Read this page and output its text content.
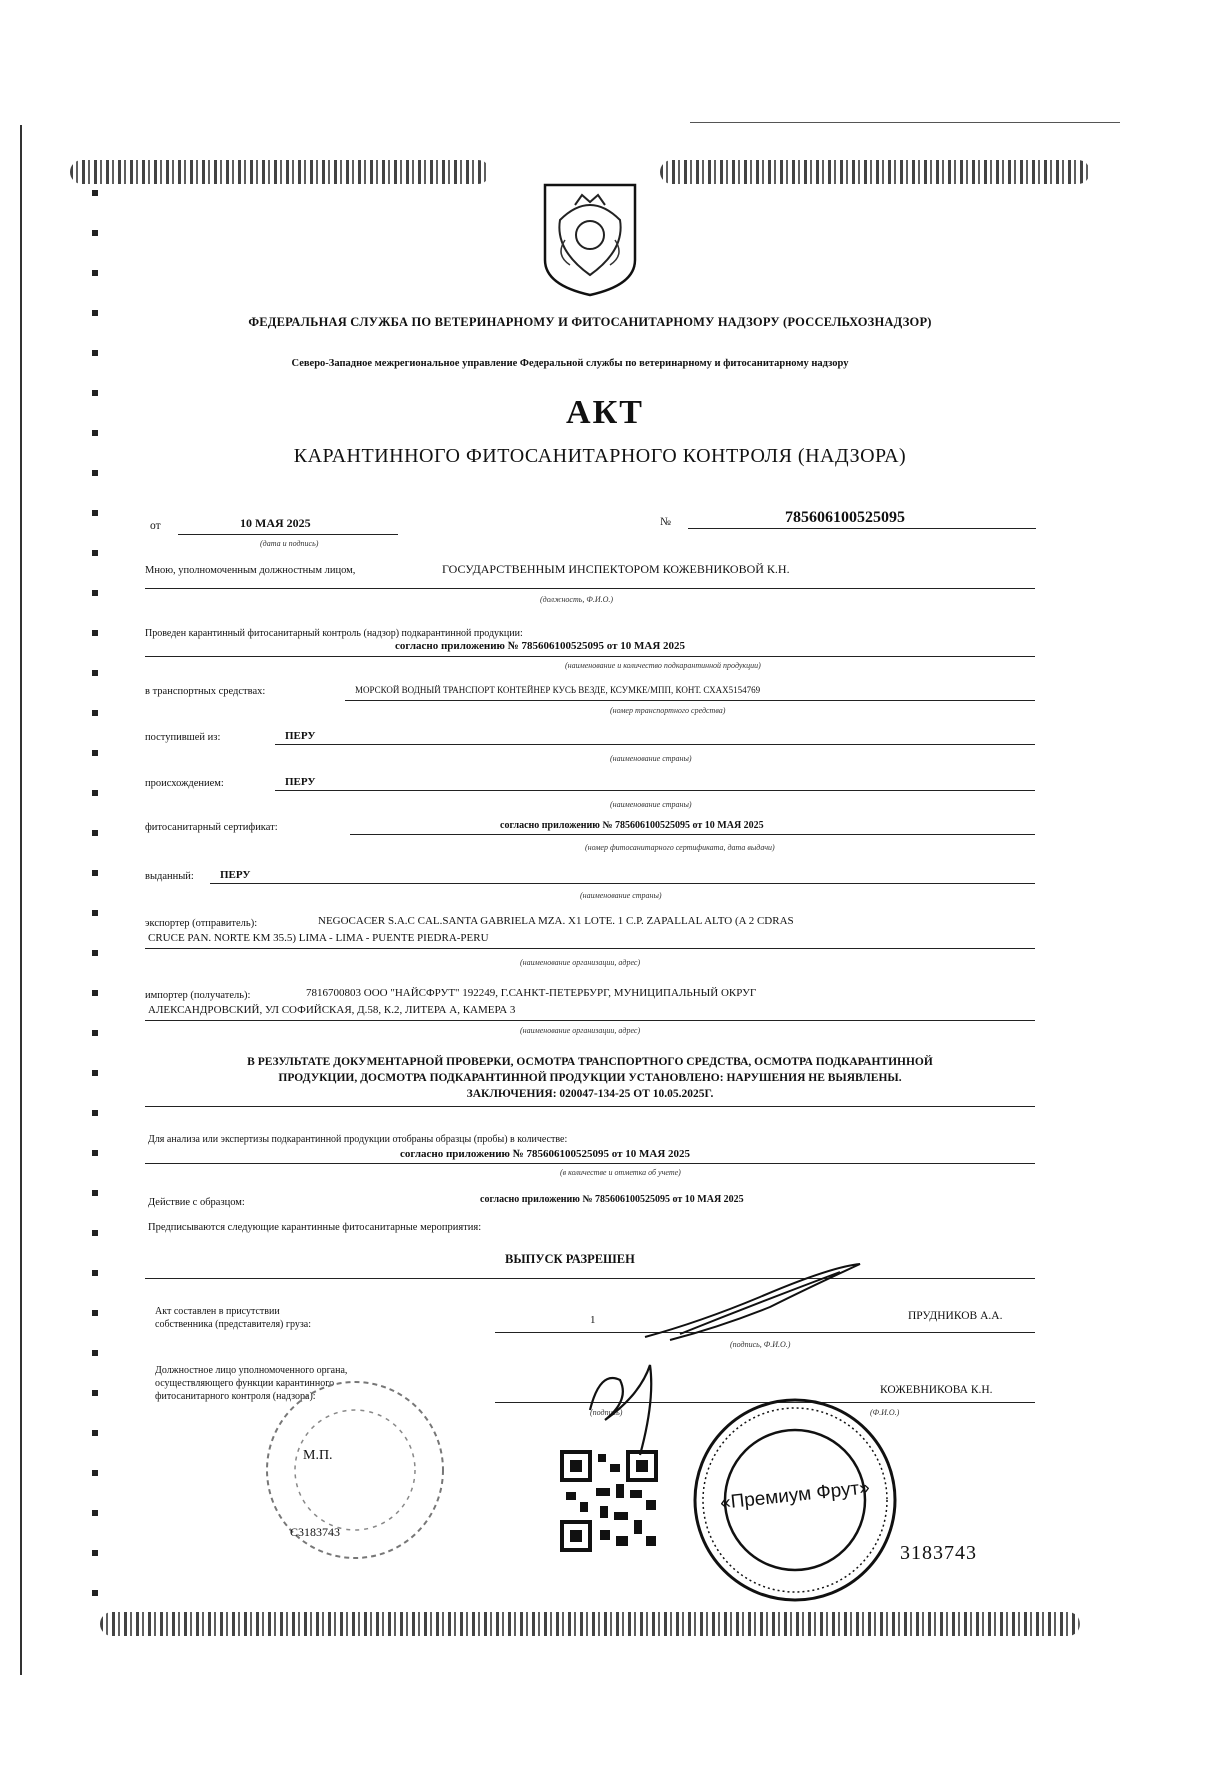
ФЕДЕРАЛЬНАЯ СЛУЖБА ПО ВЕТЕРИНАРНОМУ И ФИТОСАНИТАРНОМУ НАДЗОРУ (РОССЕЛЬХОЗНАДЗОР)
Северо-Западное межрегиональное управление Федеральной службы по ветеринарному и фитосанитарному надзору
АКТ
КАРАНТИННОГО ФИТОСАНИТАРНОГО КОНТРОЛЯ (НАДЗОРА)
от	10 МАЯ 2025
(дата и подпись)
№	785606100525095
Мною, уполномоченным должностным лицом,	ГОСУДАРСТВЕННЫМ ИНСПЕКТОРОМ КОЖЕВНИКОВОЙ К.Н.
(должность, Ф.И.О.)
Проведен карантинный фитосанитарный контроль (надзор) подкарантинной продукции:
согласно приложению № 785606100525095 от 10 МАЯ 2025
(наименование и количество подкарантинной продукции)
в транспортных средствах:	МОРСКОЙ ВОДНЫЙ ТРАНСПОРТ КОНТЕЙНЕР КУСЬ ВЕЗДЕ, КСУМКЕ/МПП, КОНТ. СХАХ5154769
(номер транспортного средства)
поступившей из:	ПЕРУ
(наименование страны)
происхождением:	ПЕРУ
(наименование страны)
фитосанитарный сертификат:	согласно приложению № 785606100525095 от 10 МАЯ 2025
(номер фитосанитарного сертификата, дата выдачи)
выданный: ПЕРУ
(наименование страны)
экспортер (отправитель):	NEGOCACER S.A.C CAL.SANTA GABRIELA MZA. X1 LOTE. 1 C.P. ZAPALLAL ALTO (A 2 CDRAS
CRUCE PAN. NORTE KM 35.5) LIMA - LIMA - PUENTE PIEDRA-PERU
(наименование организации, адрес)
импортер (получатель):	7816700803 ООО "НАЙСФРУТ" 192249, Г.САНКТ-ПЕТЕРБУРГ, МУНИЦИПАЛЬНЫЙ ОКРУГ
АЛЕКСАНДРОВСКИЙ, УЛ СОФИЙСКАЯ, Д.58, К.2, ЛИТЕРА А, КАМЕРА 3
(наименование организации, адрес)
В РЕЗУЛЬТАТЕ ДОКУМЕНТАРНОЙ ПРОВЕРКИ, ОСМОТРА ТРАНСПОРТНОГО СРЕДСТВА, ОСМОТРА ПОДКАРАНТИННОЙ
ПРОДУКЦИИ, ДОСМОТРА ПОДКАРАНТИННОЙ ПРОДУКЦИИ УСТАНОВЛЕНО: НАРУШЕНИЯ НЕ ВЫЯВЛЕНЫ.
ЗАКЛЮЧЕНИЯ: 020047-134-25 ОТ 10.05.2025Г.
Для анализа или экспертизы подкарантинной продукции отобраны образцы (пробы) в количестве:
согласно приложению № 785606100525095 от 10 МАЯ 2025
(в количестве и отметка об учете)
Действие с образцом:	согласно приложению № 785606100525095 от 10 МАЯ 2025
Предписываются следующие карантинные фитосанитарные мероприятия:
ВЫПУСК РАЗРЕШЕН
Акт составлен в присутствии
собственника (представителя) груза:	1	ПРУДНИКОВ А.А.
(подпись, Ф.И.О.)
Должностное лицо уполномоченного органа,
осуществляющего функции карантинного
фитосанитарного контроля (надзора):
КОЖЕВНИКОВА К.Н.
(подпись)	(Ф.И.О.)
М.П.
C3183743
«Премиум Фрут»
3183743
